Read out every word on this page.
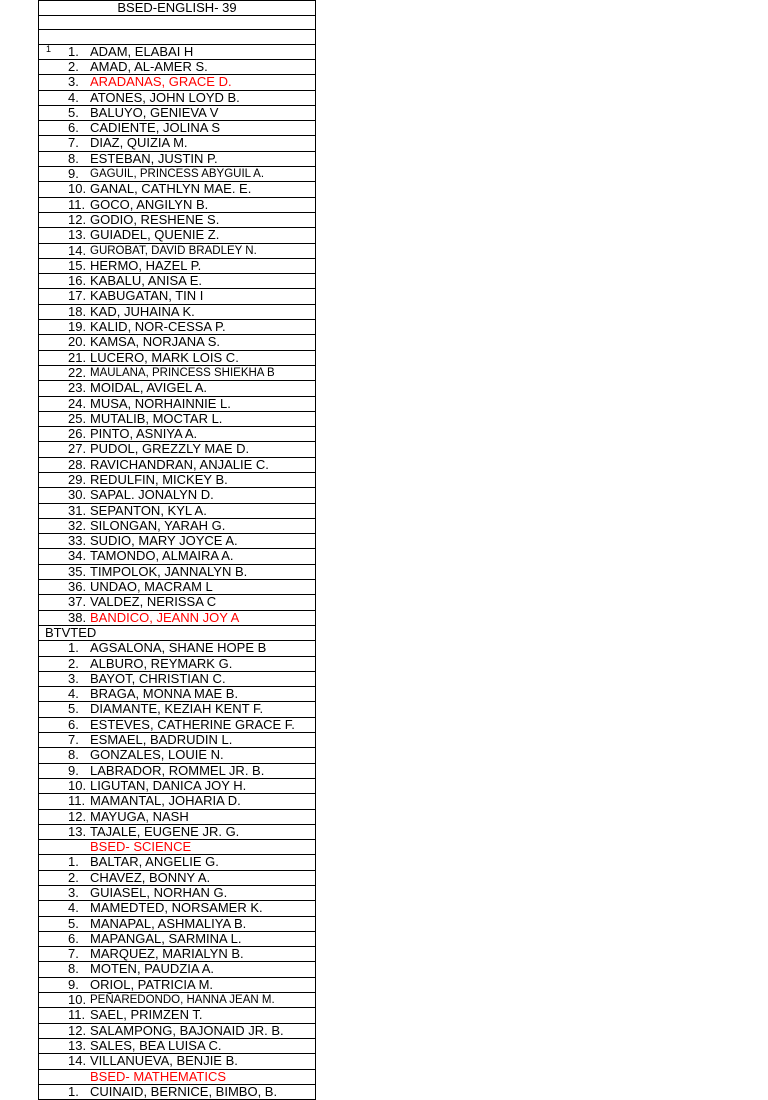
BSED-ENGLISH- 39
1 1. ADAM, ELABAI H
2. AMAD, AL-AMER S.
3. ARADANAS, GRACE D.
4. ATONES, JOHN LOYD B.
5. BALUYO, GENIEVA V
6. CADIENTE, JOLINA S
7. DIAZ, QUIZIA M.
8. ESTEBAN, JUSTIN P.
9. GAGUIL, PRINCESS ABYGUIL A.
10. GANAL, CATHLYN MAE. E.
11. GOCO, ANGILYN B.
12. GODIO, RESHENE S.
13. GUIADEL, QUENIE Z.
14. GUROBAT, DAVID BRADLEY N.
15. HERMO, HAZEL P.
16. KABALU, ANISA E.
17. KABUGATAN, TIN I
18. KAD, JUHAINA K.
19. KALID, NOR-CESSA P.
20. KAMSA, NORJANA S.
21. LUCERO, MARK LOIS C.
22. MAULANA, PRINCESS SHIEKHA B
23. MOIDAL, AVIGEL A.
24. MUSA, NORHAINNIE L.
25. MUTALIB, MOCTAR L.
26. PINTO, ASNIYA A.
27. PUDOL, GREZZLY MAE D.
28. RAVICHANDRAN, ANJALIE C.
29. REDULFIN, MICKEY B.
30. SAPAL. JONALYN D.
31. SEPANTON, KYL A.
32. SILONGAN, YARAH G.
33. SUDIO, MARY JOYCE A.
34. TAMONDO, ALMAIRA A.
35. TIMPOLOK, JANNALYN B.
36. UNDAO, MACRAM L
37. VALDEZ, NERISSA C
38. BANDICO, JEANN JOY A
BTVTED
1. AGSALONA, SHANE HOPE B
2. ALBURO, REYMARK G.
3. BAYOT, CHRISTIAN C.
4. BRAGA, MONNA MAE B.
5. DIAMANTE, KEZIAH KENT F.
6. ESTEVES, CATHERINE GRACE F.
7. ESMAEL, BADRUDIN L.
8. GONZALES, LOUIE N.
9. LABRADOR, ROMMEL JR. B.
10. LIGUTAN, DANICA JOY H.
11. MAMANTAL, JOHARIA D.
12. MAYUGA, NASH
13. TAJALE, EUGENE JR. G.
BSED- SCIENCE
1. BALTAR, ANGELIE G.
2. CHAVEZ, BONNY A.
3. GUIASEL, NORHAN G.
4. MAMEDTED, NORSAMER K.
5. MANAPAL, ASHMALIYA B.
6. MAPANGAL, SARMINA L.
7. MARQUEZ, MARIALYN B.
8. MOTEN, PAUDZIA A.
9. ORIOL, PATRICIA M.
10. PEÑAREDONDO, HANNA JEAN M.
11. SAEL, PRIMZEN T.
12. SALAMPONG, BAJONAID JR. B.
13. SALES, BEA LUISA C.
14. VILLANUEVA, BENJIE B.
BSED- MATHEMATICS
1. CUINAID, BERNICE, BIMBO, B.
